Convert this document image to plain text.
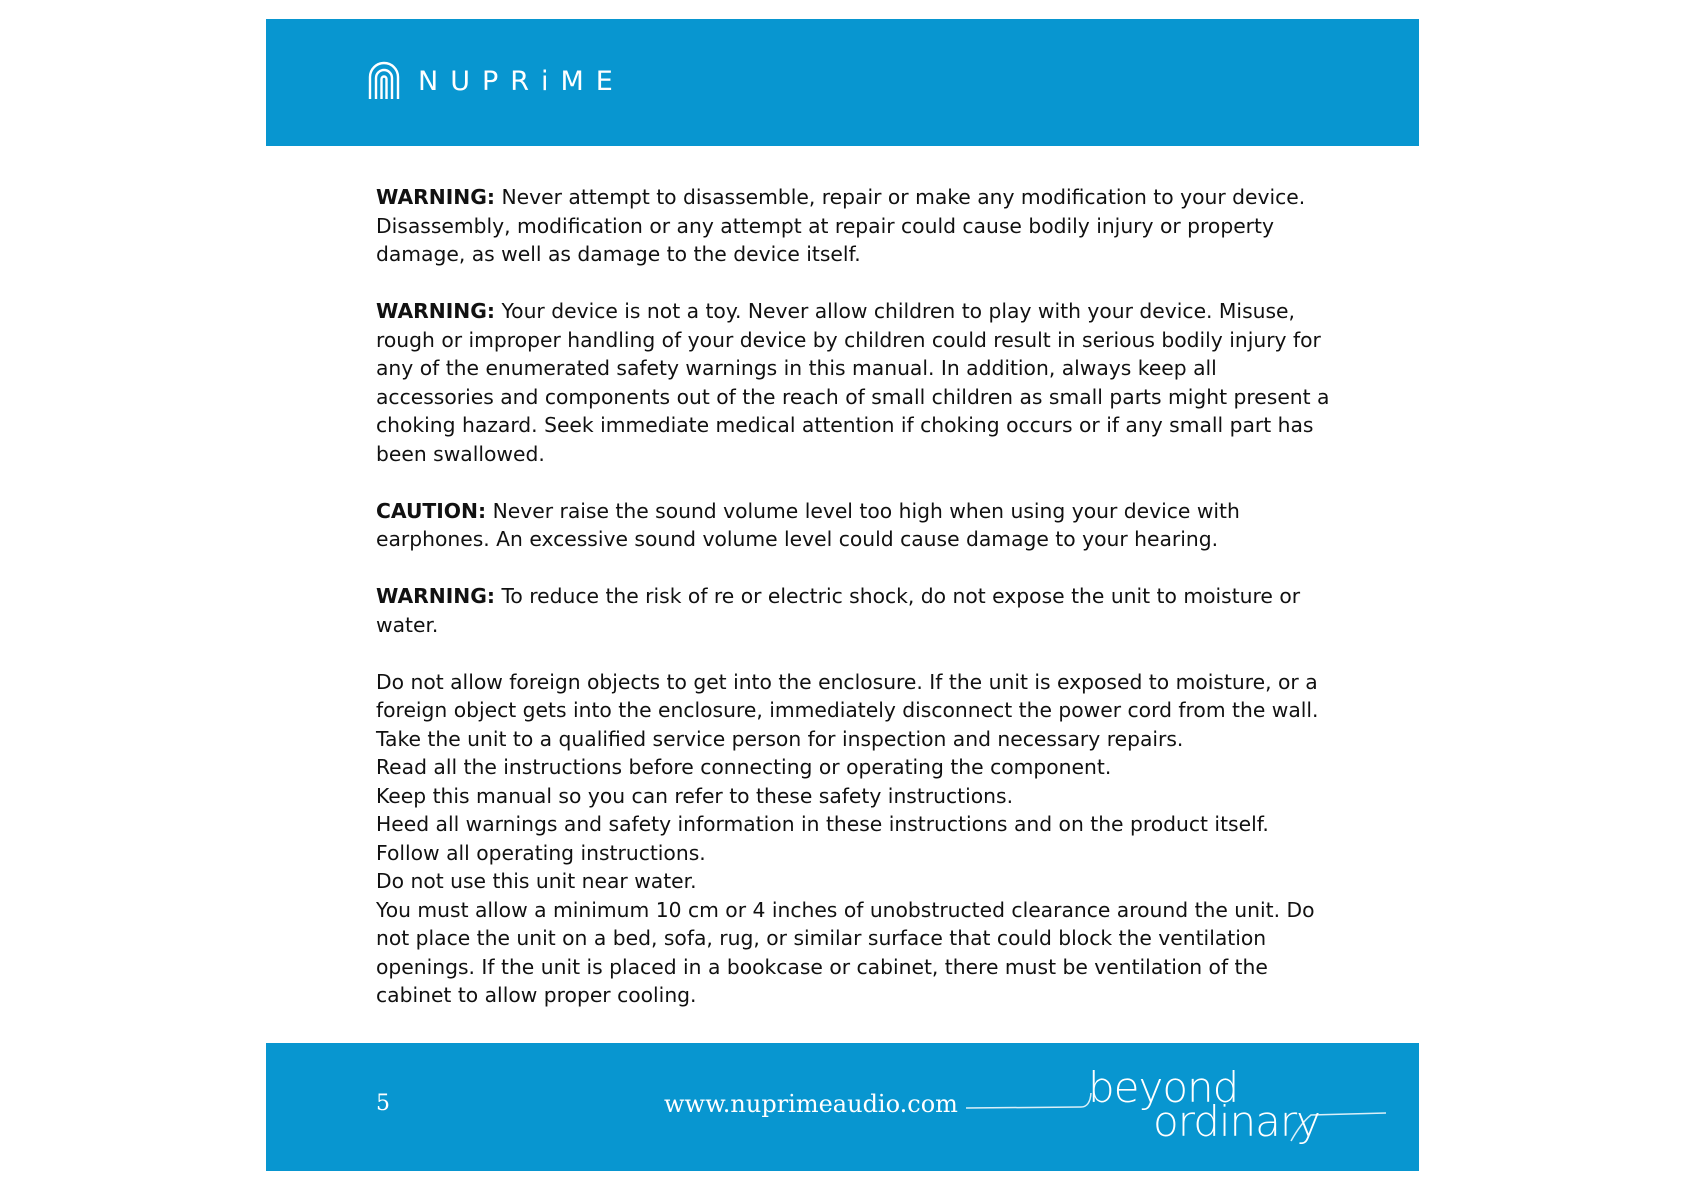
NUPRiME

WARNING: Never attempt to disassemble, repair or make any modification to your device. Disassembly, modification or any attempt at repair could cause bodily injury or property damage, as well as damage to the device itself.

WARNING: Your device is not a toy. Never allow children to play with your device. Misuse, rough or improper handling of your device by children could result in serious bodily injury for any of the enumerated safety warnings in this manual. In addition, always keep all accessories and components out of the reach of small children as small parts might present a choking hazard. Seek immediate medical attention if choking occurs or if any small part has been swallowed.

CAUTION: Never raise the sound volume level too high when using your device with earphones. An excessive sound volume level could cause damage to your hearing.

WARNING: To reduce the risk of re or electric shock, do not expose the unit to moisture or water.

Do not allow foreign objects to get into the enclosure. If the unit is exposed to moisture, or a foreign object gets into the enclosure, immediately disconnect the power cord from the wall.

Take the unit to a qualified service person for inspection and necessary repairs.

Read all the instructions before connecting or operating the component.

Keep this manual so you can refer to these safety instructions.

Heed all warnings and safety information in these instructions and on the product itself. Follow all operating instructions.

Do not use this unit near water.

You must allow a minimum 10 cm or 4 inches of unobstructed clearance around the unit. Do not place the unit on a bed, sofa, rug, or similar surface that could block the ventilation openings. If the unit is placed in a bookcase or cabinet, there must be ventilation of the cabinet to allow proper cooling.

5	www.nuprimeaudio.com	beyond
ordinary
